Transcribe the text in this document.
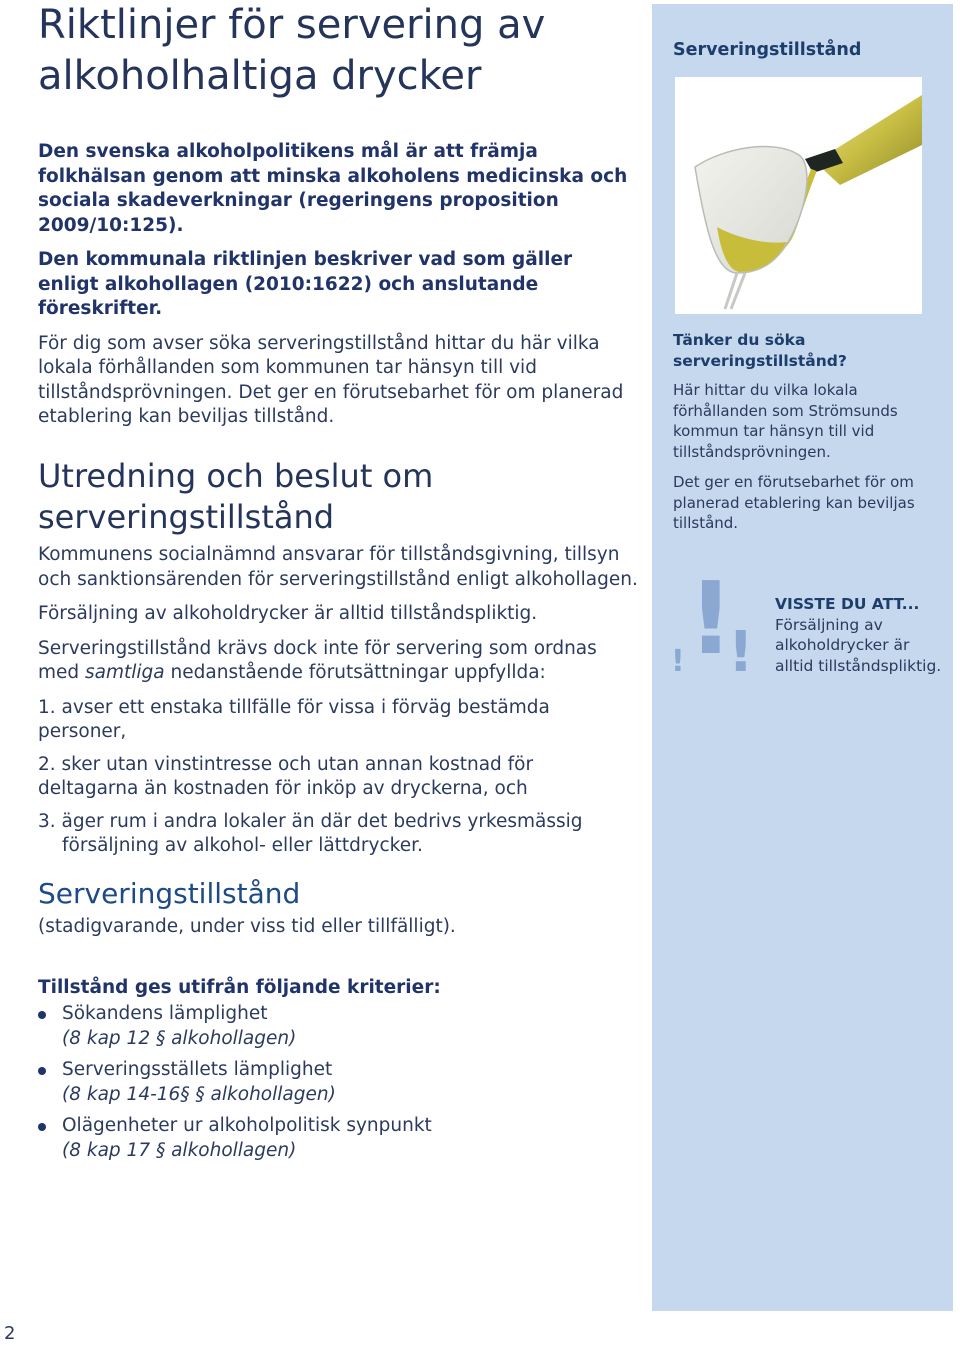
Riktlinjer för servering av
alkoholhaltiga drycker

Den svenska alkoholpolitikens mål är att främja folkhälsan genom att minska alkoholens medicinska och sociala skadeverkningar (regeringens proposition 2009/10:125).

Den kommunala riktlinjen beskriver vad som gäller enligt alkohollagen (2010:1622) och anslutande föreskrifter.

För dig som avser söka serveringstillstånd hittar du här vilka lokala förhållanden som kommunen tar hänsyn till vid tillståndsprövningen. Det ger en förutsebarhet för om planerad etablering kan beviljas tillstånd.

Utredning och beslut om
serveringstillstånd

Kommunens socialnämnd ansvarar för tillståndsgivning, tillsyn och sanktionsärenden för serveringstillstånd enligt alkohollagen.

Försäljning av alkoholdrycker är alltid tillståndspliktig.

Serveringstillstånd krävs dock inte för servering som ordnas med samtliga nedanstående förutsättningar uppfyllda:

1. avser ett enstaka tillfälle för vissa i förväg bestämda personer,

2. sker utan vinstintresse och utan annan kostnad för deltagarna än kostnaden för inköp av dryckerna, och

3. äger rum i andra lokaler än där det bedrivs yrkesmässig försäljning av alkohol- eller lättdrycker.

Serveringstillstånd
(stadigvarande, under viss tid eller tillfälligt).
Tillstånd ges utifrån följande kriterier:
Sökandens lämplighet
(8 kap 12 § alkohollagen)
Serveringsställets lämplighet
(8 kap 14-16§ § alkohollagen)
Olägenheter ur alkoholpolitisk synpunkt
(8 kap 17 § alkohollagen)
2
Serveringstillstånd
Tänker du söka serveringstillstånd?
Här hittar du vilka lokala förhållanden som Strömsunds kommun tar hänsyn till vid tillståndsprövningen.
Det ger en förutsebarhet för om planerad etablering kan beviljas tillstånd.
!
! !
VISSTE DU ATT...
Försäljning av alkoholdrycker är alltid tillståndspliktig.
